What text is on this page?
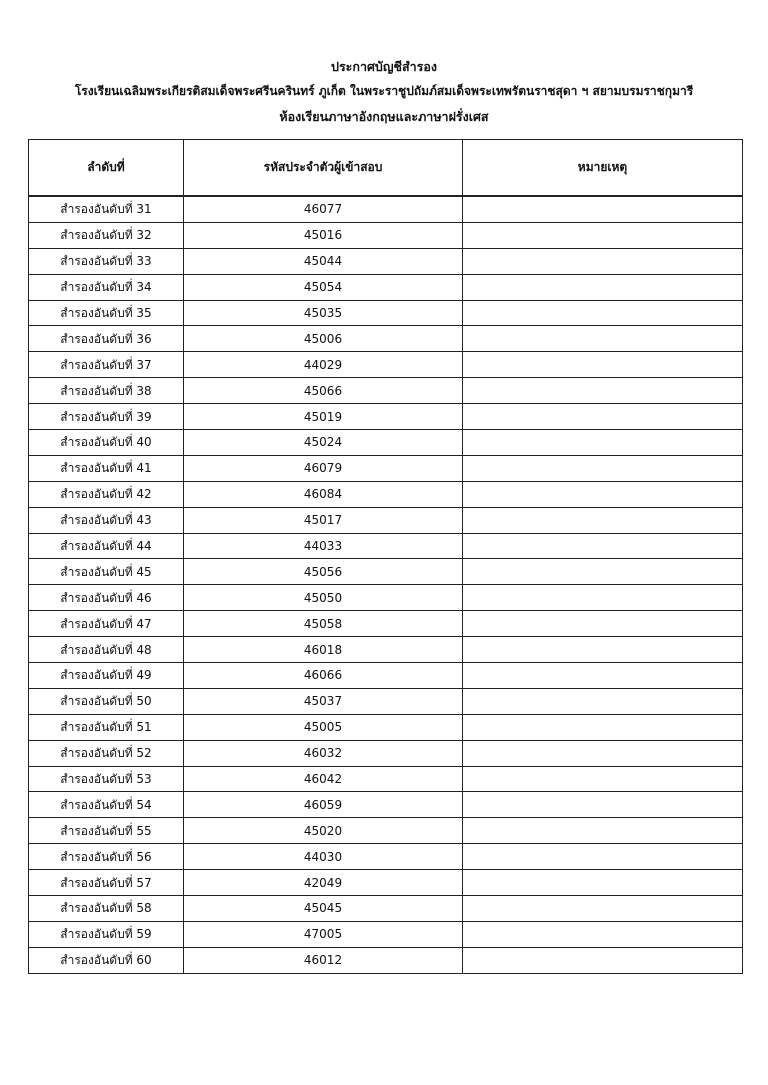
ประกาศบัญชีสำรอง
โรงเรียนเฉลิมพระเกียรติสมเด็จพระศรีนครินทร์ ภูเก็ต ในพระราชูปถัมภ์สมเด็จพระเทพรัตนราชสุดา ฯ สยามบรมราชกุมารี
ห้องเรียนภาษาอังกฤษและภาษาฝรั่งเศส
ลำดับที่	รหัสประจำตัวผู้เข้าสอบ	หมายเหตุ
สำรองอันดับที่ 31	46077	
สำรองอันดับที่ 32	45016	
สำรองอันดับที่ 33	45044	
สำรองอันดับที่ 34	45054	
สำรองอันดับที่ 35	45035	
สำรองอันดับที่ 36	45006	
สำรองอันดับที่ 37	44029	
สำรองอันดับที่ 38	45066	
สำรองอันดับที่ 39	45019	
สำรองอันดับที่ 40	45024	
สำรองอันดับที่ 41	46079	
สำรองอันดับที่ 42	46084	
สำรองอันดับที่ 43	45017	
สำรองอันดับที่ 44	44033	
สำรองอันดับที่ 45	45056	
สำรองอันดับที่ 46	45050	
สำรองอันดับที่ 47	45058	
สำรองอันดับที่ 48	46018	
สำรองอันดับที่ 49	46066	
สำรองอันดับที่ 50	45037	
สำรองอันดับที่ 51	45005	
สำรองอันดับที่ 52	46032	
สำรองอันดับที่ 53	46042	
สำรองอันดับที่ 54	46059	
สำรองอันดับที่ 55	45020	
สำรองอันดับที่ 56	44030	
สำรองอันดับที่ 57	42049	
สำรองอันดับที่ 58	45045	
สำรองอันดับที่ 59	47005	
สำรองอันดับที่ 60	46012	
